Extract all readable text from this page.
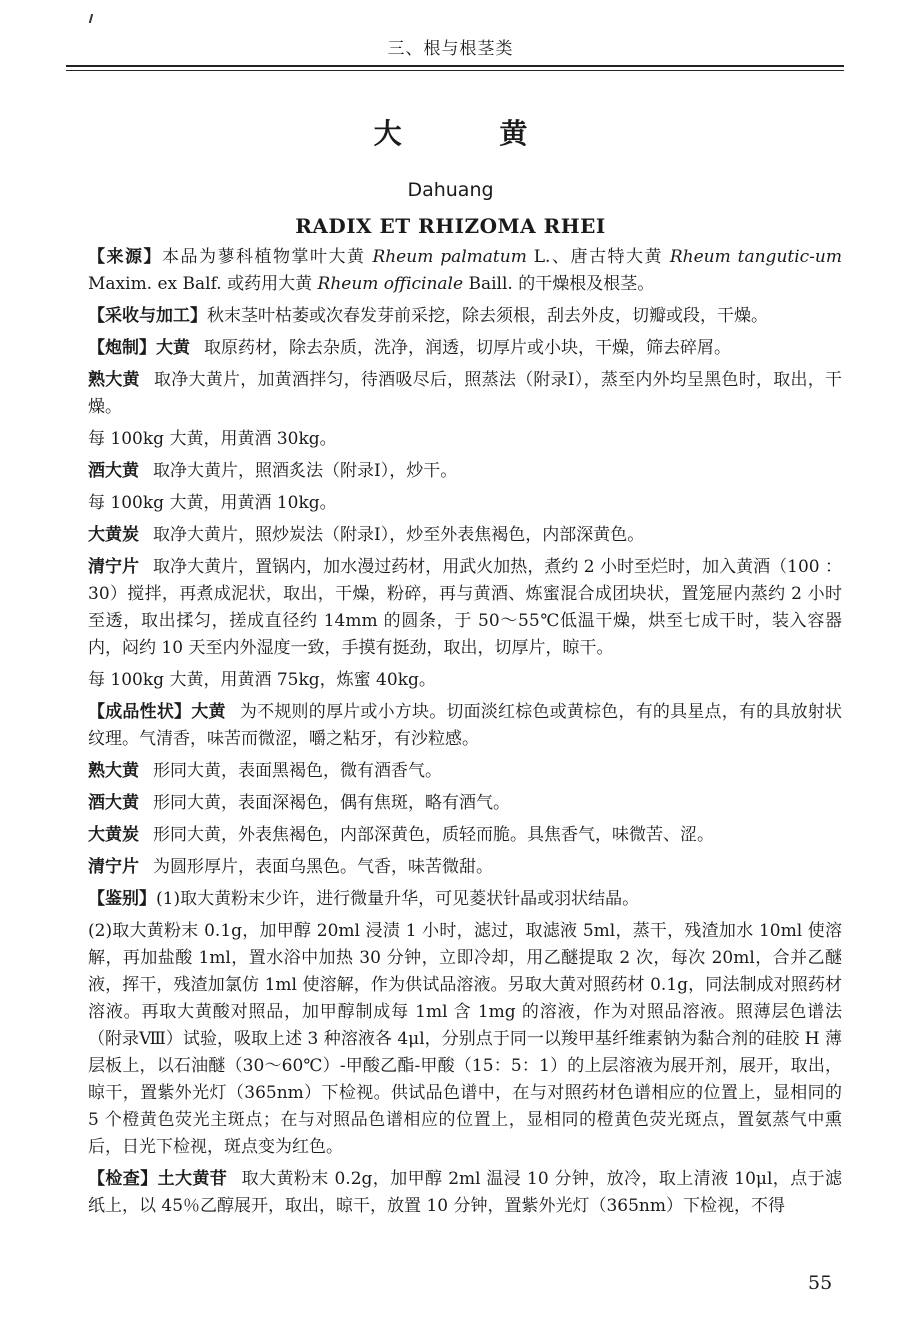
三、根与根茎类
大 黄
Dahuang
RADIX ET RHIZOMA RHEI

【来源】本品为蓼科植物掌叶大黄 Rheum palmatum L.、唐古特大黄 Rheum tangutic-um Maxim. ex Balf. 或药用大黄 Rheum officinale Baill. 的干燥根及根茎。

【采收与加工】秋末茎叶枯萎或次春发芽前采挖，除去须根，刮去外皮，切瓣或段，干燥。

【炮制】大黄 取原药材，除去杂质，洗净，润透，切厚片或小块，干燥，筛去碎屑。

熟大黄 取净大黄片，加黄酒拌匀，待酒吸尽后，照蒸法（附录Ⅰ），蒸至内外均呈黑色时，取出，干燥。

每 100kg 大黄，用黄酒 30kg。

酒大黄 取净大黄片，照酒炙法（附录Ⅰ），炒干。

每 100kg 大黄，用黄酒 10kg。

大黄炭 取净大黄片，照炒炭法（附录Ⅰ），炒至外表焦褐色，内部深黄色。

清宁片 取净大黄片，置锅内，加水漫过药材，用武火加热，煮约 2 小时至烂时，加入黄酒（100 ：30）搅拌，再煮成泥状，取出，干燥，粉碎，再与黄酒、炼蜜混合成团块状，置笼屉内蒸约 2 小时至透，取出揉匀，搓成直径约 14mm 的圆条，于 50～55℃低温干燥，烘至七成干时，装入容器内，闷约 10 天至内外湿度一致，手摸有挺劲，取出，切厚片，晾干。

每 100kg 大黄，用黄酒 75kg，炼蜜 40kg。

【成品性状】大黄 为不规则的厚片或小方块。切面淡红棕色或黄棕色，有的具星点，有的具放射状纹理。气清香，味苦而微涩，嚼之粘牙，有沙粒感。

熟大黄 形同大黄，表面黑褐色，微有酒香气。

酒大黄 形同大黄，表面深褐色，偶有焦斑，略有酒气。

大黄炭 形同大黄，外表焦褐色，内部深黄色，质轻而脆。具焦香气，味微苦、涩。

清宁片 为圆形厚片，表面乌黑色。气香，味苦微甜。

【鉴别】(1)取大黄粉末少许，进行微量升华，可见菱状针晶或羽状结晶。

(2)取大黄粉末 0.1g，加甲醇 20ml 浸渍 1 小时，滤过，取滤液 5ml，蒸干，残渣加水 10ml 使溶解，再加盐酸 1ml，置水浴中加热 30 分钟，立即冷却，用乙醚提取 2 次，每次 20ml，合并乙醚液，挥干，残渣加氯仿 1ml 使溶解，作为供试品溶液。另取大黄对照药材 0.1g，同法制成对照药材溶液。再取大黄酸对照品，加甲醇制成每 1ml 含 1mg 的溶液，作为对照品溶液。照薄层色谱法（附录Ⅷ）试验，吸取上述 3 种溶液各 4μl，分别点于同一以羧甲基纤维素钠为黏合剂的硅胶 H 薄层板上，以石油醚（30～60℃）-甲酸乙酯-甲酸（15：5：1）的上层溶液为展开剂，展开，取出，晾干，置紫外光灯（365nm）下检视。供试品色谱中，在与对照药材色谱相应的位置上，显相同的 5 个橙黄色荧光主斑点；在与对照品色谱相应的位置上，显相同的橙黄色荧光斑点，置氨蒸气中熏后，日光下检视，斑点变为红色。

【检查】土大黄苷 取大黄粉末 0.2g，加甲醇 2ml 温浸 10 分钟，放冷，取上清液 10μl，点于滤纸上，以 45％乙醇展开，取出，晾干，放置 10 分钟，置紫外光灯（365nm）下检视，不得

55
